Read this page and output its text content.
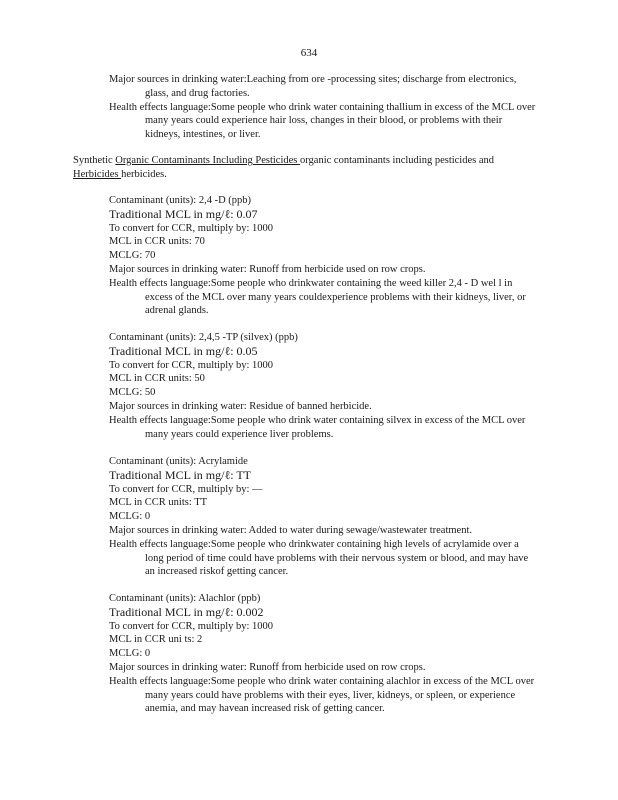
634

Major sources in drinking water:Leaching from ore -processing sites; discharge from electronics, glass, and drug factories.

Health effects language:Some people who drink water containing thallium in excess of the MCL over many years could experience hair loss, changes in their blood, or problems with their kidneys, intestines, or liver.

Synthetic Organic Contaminants Including Pesticides organic contaminants including pesticides and Herbicides herbicides.

Contaminant (units): 2,4 -D (ppb)

Traditional MCL in mg/ℓ: 0.07

To convert for CCR, multiply by: 1000

MCL in CCR units: 70

MCLG: 70

Major sources in drinking water: Runoff from herbicide used on row crops.

Health effects language:Some people who drinkwater containing the weed killer 2,4 - D wel l in excess of the MCL over many years couldexperience problems with their kidneys, liver, or adrenal glands.

Contaminant (units): 2,4,5 -TP (silvex) (ppb)

Traditional MCL in mg/ℓ: 0.05

To convert for CCR, multiply by: 1000

MCL in CCR units: 50

MCLG: 50

Major sources in drinking water: Residue of banned herbicide.

Health effects language:Some people who drink water containing silvex in excess of the MCL over many years could experience liver problems.

Contaminant (units): Acrylamide

Traditional MCL in mg/ℓ: TT

To convert for CCR, multiply by: —

MCL in CCR units: TT

MCLG: 0

Major sources in drinking water: Added to water during sewage/wastewater treatment.

Health effects language:Some people who drinkwater containing high levels of acrylamide over a long period of time could have problems with their nervous system or blood, and may have an increased riskof getting cancer.

Contaminant (units): Alachlor (ppb)

Traditional MCL in mg/ℓ: 0.002

To convert for CCR, multiply by: 1000

MCL in CCR uni ts: 2

MCLG: 0

Major sources in drinking water: Runoff from herbicide used on row crops.

Health effects language:Some people who drink water containing alachlor in excess of the MCL over many years could have problems with their eyes, liver, kidneys, or spleen, or experience anemia, and may havean increased risk of getting cancer.
